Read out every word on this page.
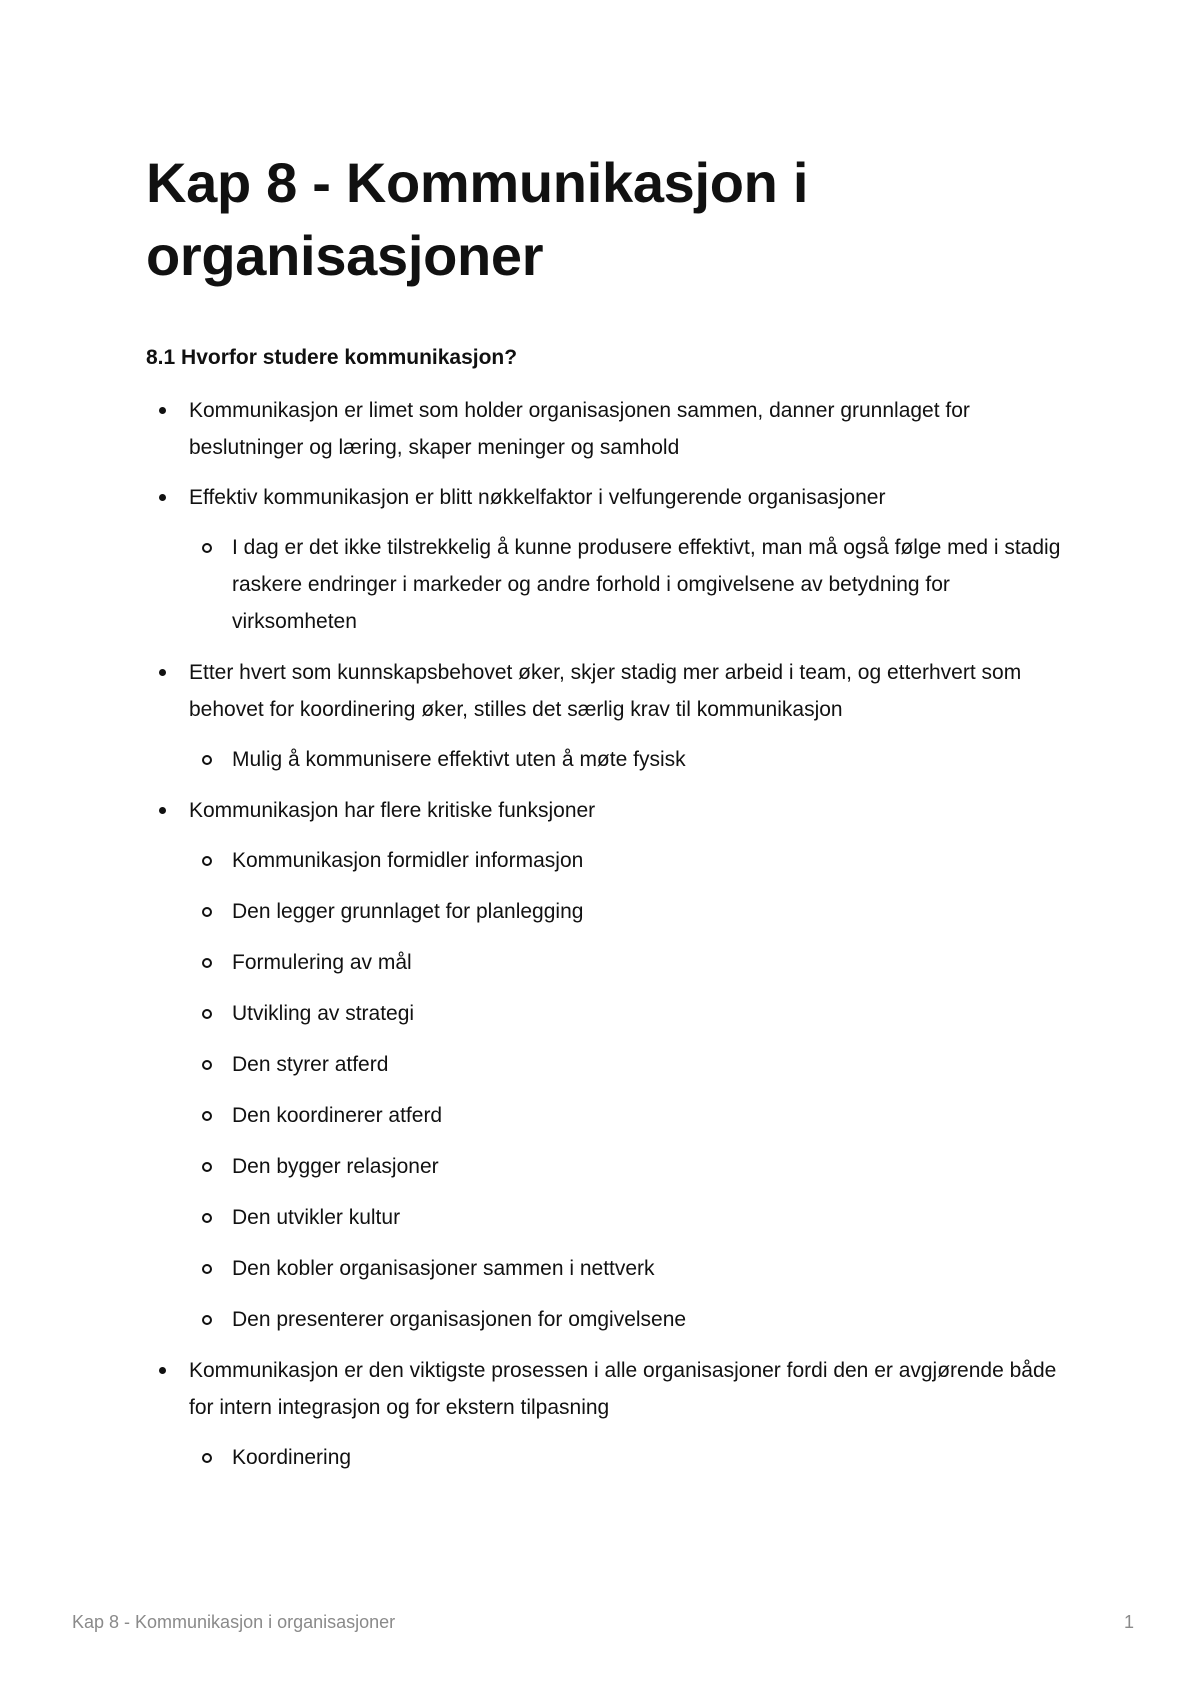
Kap 8 - Kommunikasjon i organisasjoner
8.1 Hvorfor studere kommunikasjon?
Kommunikasjon er limet som holder organisasjonen sammen, danner grunnlaget for beslutninger og læring, skaper meninger og samhold
Effektiv kommunikasjon er blitt nøkkelfaktor i velfungerende organisasjoner
I dag er det ikke tilstrekkelig å kunne produsere effektivt, man må også følge med i stadig raskere endringer i markeder og andre forhold i omgivelsene av betydning for virksomheten
Etter hvert som kunnskapsbehovet øker, skjer stadig mer arbeid i team, og etterhvert som behovet for koordinering øker, stilles det særlig krav til kommunikasjon
Mulig å kommunisere effektivt uten å møte fysisk
Kommunikasjon har flere kritiske funksjoner
Kommunikasjon formidler informasjon
Den legger grunnlaget for planlegging
Formulering av mål
Utvikling av strategi
Den styrer atferd
Den koordinerer atferd
Den bygger relasjoner
Den utvikler kultur
Den kobler organisasjoner sammen i nettverk
Den presenterer organisasjonen for omgivelsene
Kommunikasjon er den viktigste prosessen i alle organisasjoner fordi den er avgjørende både for intern integrasjon og for ekstern tilpasning
Koordinering
Kap 8 - Kommunikasjon i organisasjoner	1
